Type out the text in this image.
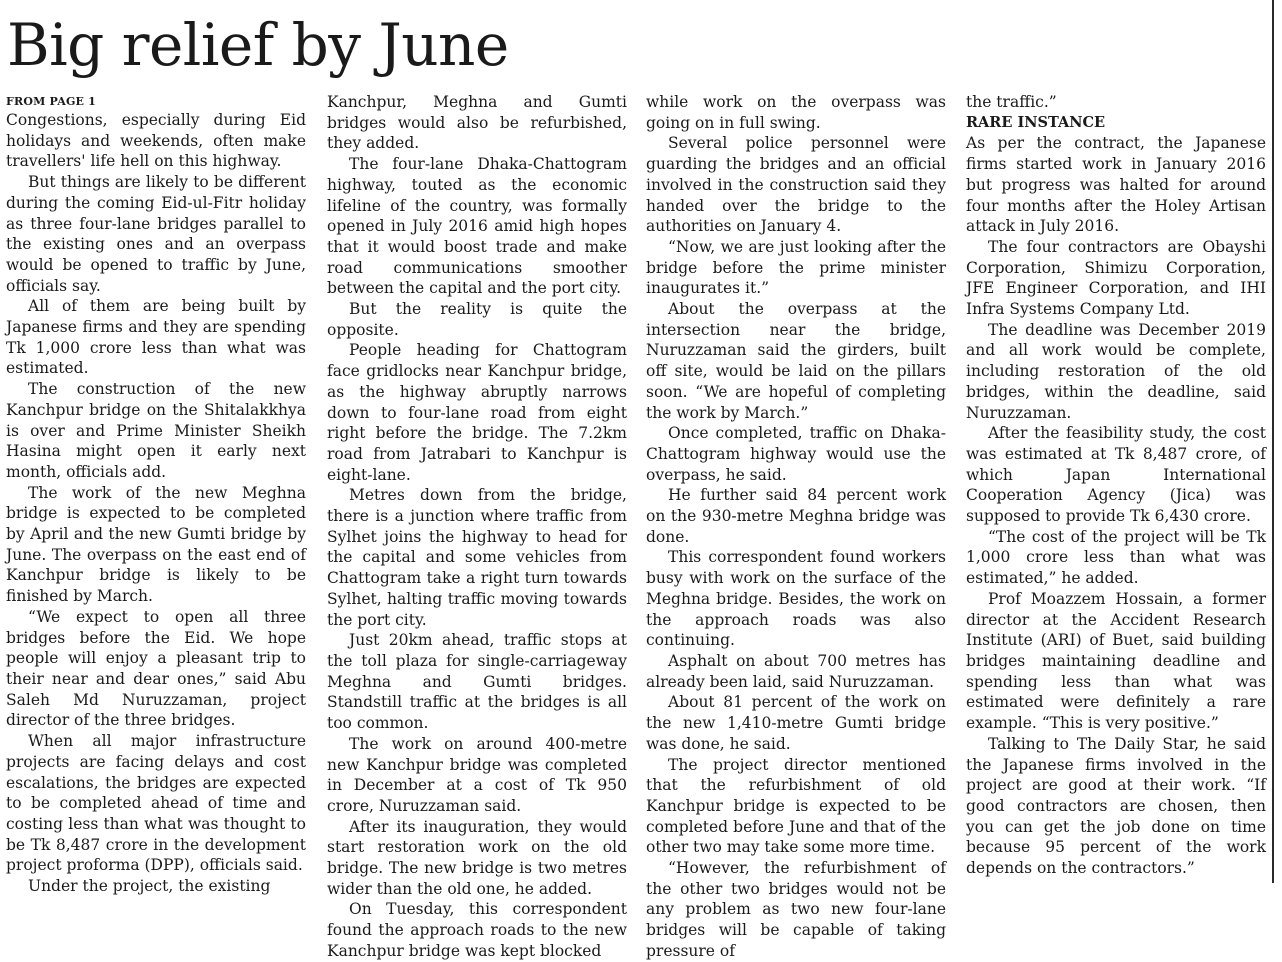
Big relief by June
FROM PAGE 1

Congestions, especially during Eid holidays and weekends, often make travellers' life hell on this highway.

But things are likely to be different during the coming Eid-ul-Fitr holiday as three four-lane bridges parallel to the existing ones and an overpass would be opened to traffic by June, officials say.

All of them are being built by Japanese firms and they are spending Tk 1,000 crore less than what was estimated.

The construction of the new Kanchpur bridge on the Shitalakkhya is over and Prime Minister Sheikh Hasina might open it early next month, officials add.

The work of the new Meghna bridge is expected to be completed by April and the new Gumti bridge by June. The overpass on the east end of Kanchpur bridge is likely to be finished by March.

“We expect to open all three bridges before the Eid. We hope people will enjoy a pleasant trip to their near and dear ones,” said Abu Saleh Md Nuruzzaman, project director of the three bridges.

When all major infrastructure projects are facing delays and cost escalations, the bridges are expected to be completed ahead of time and costing less than what was thought to be Tk 8,487 crore in the development project proforma (DPP), officials said.

Under the project, the existing

Kanchpur, Meghna and Gumti bridges would also be refurbished, they added.

The four-lane Dhaka-Chattogram highway, touted as the economic lifeline of the country, was formally opened in July 2016 amid high hopes that it would boost trade and make road communications smoother between the capital and the port city.

But the reality is quite the opposite.

People heading for Chattogram face gridlocks near Kanchpur bridge, as the highway abruptly narrows down to four-lane road from eight right before the bridge. The 7.2km road from Jatrabari to Kanchpur is eight-lane.

Metres down from the bridge, there is a junction where traffic from Sylhet joins the highway to head for the capital and some vehicles from Chattogram take a right turn towards Sylhet, halting traffic moving towards the port city.

Just 20km ahead, traffic stops at the toll plaza for single-carriageway Meghna and Gumti bridges. Standstill traffic at the bridges is all too common.

The work on around 400-metre new Kanchpur bridge was completed in December at a cost of Tk 950 crore, Nuruzzaman said.

After its inauguration, they would start restoration work on the old bridge. The new bridge is two metres wider than the old one, he added.

On Tuesday, this correspondent found the approach roads to the new Kanchpur bridge was kept blocked

while work on the overpass was going on in full swing.

Several police personnel were guarding the bridges and an official involved in the construction said they handed over the bridge to the authorities on January 4.

“Now, we are just looking after the bridge before the prime minister inaugurates it.”

About the overpass at the intersection near the bridge, Nuruzzaman said the girders, built off site, would be laid on the pillars soon. “We are hopeful of completing the work by March.”

Once completed, traffic on Dhaka-Chattogram highway would use the overpass, he said.

He further said 84 percent work on the 930-metre Meghna bridge was done.

This correspondent found workers busy with work on the surface of the Meghna bridge. Besides, the work on the approach roads was also continuing.

Asphalt on about 700 metres has already been laid, said Nuruzzaman.

About 81 percent of the work on the new 1,410-metre Gumti bridge was done, he said.

The project director mentioned that the refurbishment of old Kanchpur bridge is expected to be completed before June and that of the other two may take some more time.

“However, the refurbishment of the other two bridges would not be any problem as two new four-lane bridges will be capable of taking pressure of

the traffic.”

RARE INSTANCE

As per the contract, the Japanese firms started work in January 2016 but progress was halted for around four months after the Holey Artisan attack in July 2016.

The four contractors are Obayshi Corporation, Shimizu Corporation, JFE Engineer Corporation, and IHI Infra Systems Company Ltd.

The deadline was December 2019 and all work would be complete, including restoration of the old bridges, within the deadline, said Nuruzzaman.

After the feasibility study, the cost was estimated at Tk 8,487 crore, of which Japan International Cooperation Agency (Jica) was supposed to provide Tk 6,430 crore.

“The cost of the project will be Tk 1,000 crore less than what was estimated,” he added.

Prof Moazzem Hossain, a former director at the Accident Research Institute (ARI) of Buet, said building bridges maintaining deadline and spending less than what was estimated were definitely a rare example. “This is very positive.”

Talking to The Daily Star, he said the Japanese firms involved in the project are good at their work. “If good contractors are chosen, then you can get the job done on time because 95 percent of the work depends on the contractors.”
